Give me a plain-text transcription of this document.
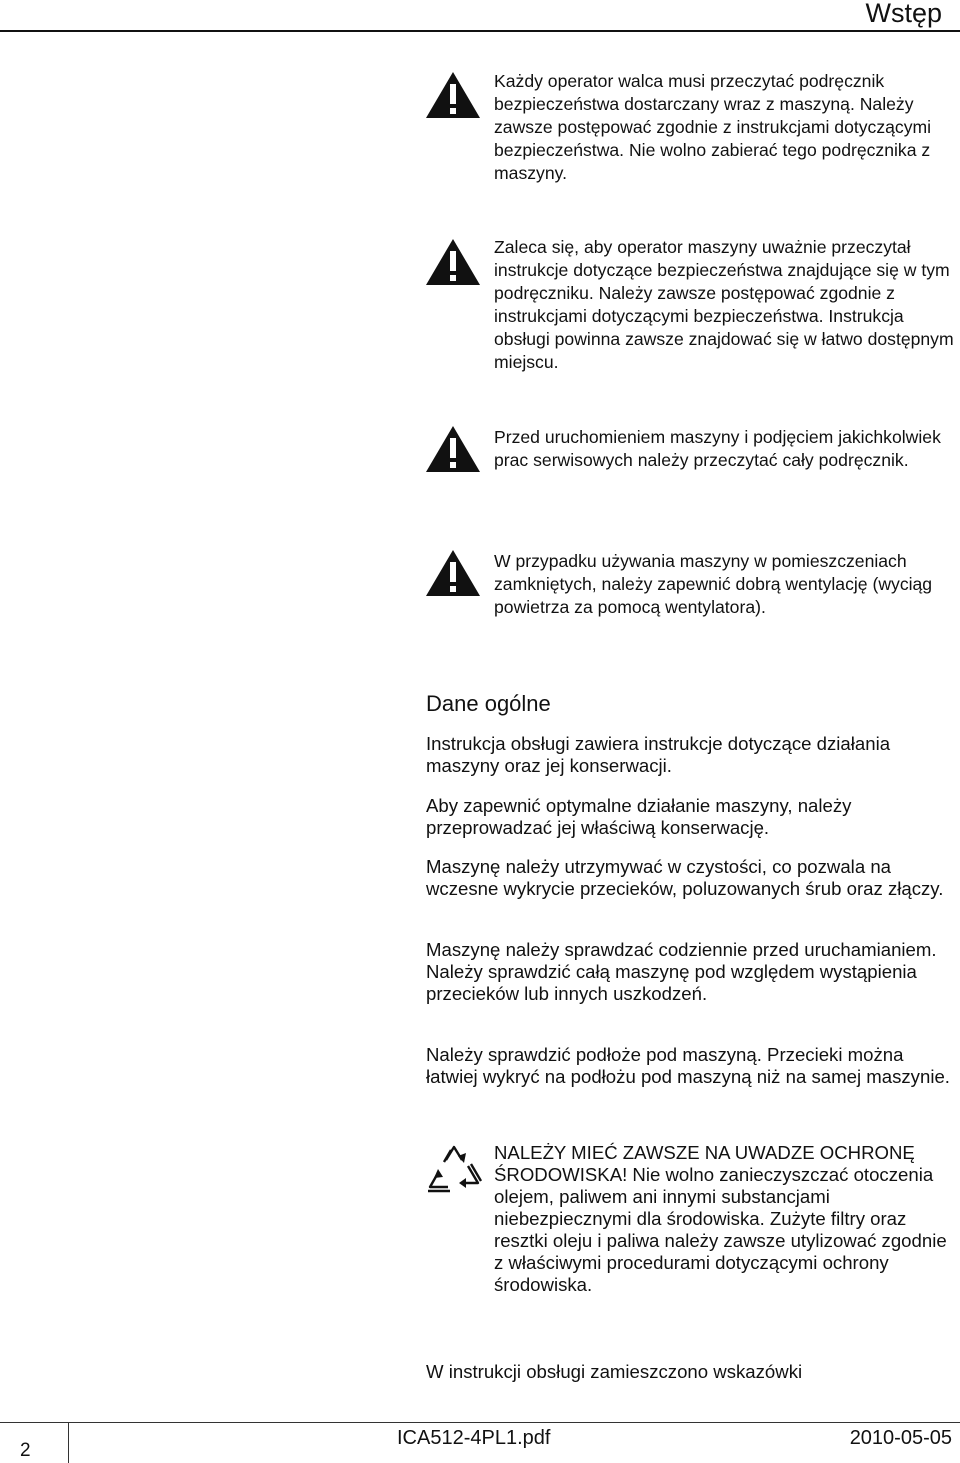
Wstęp

Każdy operator walca musi przeczytać podręcznik bezpieczeństwa dostarczany wraz z maszyną. Należy zawsze postępować zgodnie z instrukcjami dotyczącymi bezpieczeństwa. Nie wolno zabierać tego podręcznika z maszyny.

Zaleca się, aby operator maszyny uważnie przeczytał instrukcje dotyczące bezpieczeństwa znajdujące się w tym podręczniku. Należy zawsze postępować zgodnie z instrukcjami dotyczącymi bezpieczeństwa. Instrukcja obsługi powinna zawsze znajdować się w łatwo dostępnym miejscu.

Przed uruchomieniem maszyny i podjęciem jakichkolwiek prac serwisowych należy przeczytać cały podręcznik.

W przypadku używania maszyny w pomieszczeniach zamkniętych, należy zapewnić dobrą wentylację (wyciąg powietrza za pomocą wentylatora).

Dane ogólne

Instrukcja obsługi zawiera instrukcje dotyczące działania maszyny oraz jej konserwacji.

Aby zapewnić optymalne działanie maszyny, należy przeprowadzać jej właściwą konserwację.

Maszynę należy utrzymywać w czystości, co pozwala na wczesne wykrycie przecieków, poluzowanych śrub oraz złączy.

Maszynę należy sprawdzać codziennie przed uruchamianiem. Należy sprawdzić całą maszynę pod względem wystąpienia przecieków lub innych uszkodzeń.

Należy sprawdzić podłoże pod maszyną. Przecieki można łatwiej wykryć na podłożu pod maszyną niż na samej maszynie.

NALEŻY MIEĆ ZAWSZE NA UWADZE OCHRONĘ ŚRODOWISKA! Nie wolno zanieczyszczać otoczenia olejem, paliwem ani innymi substancjami niebezpiecznymi dla środowiska. Zużyte filtry oraz resztki oleju i paliwa należy zawsze utylizować zgodnie z właściwymi procedurami dotyczącymi ochrony środowiska.

W instrukcji obsługi zamieszczono wskazówki

2
ICA512-4PL1.pdf	2010-05-05
